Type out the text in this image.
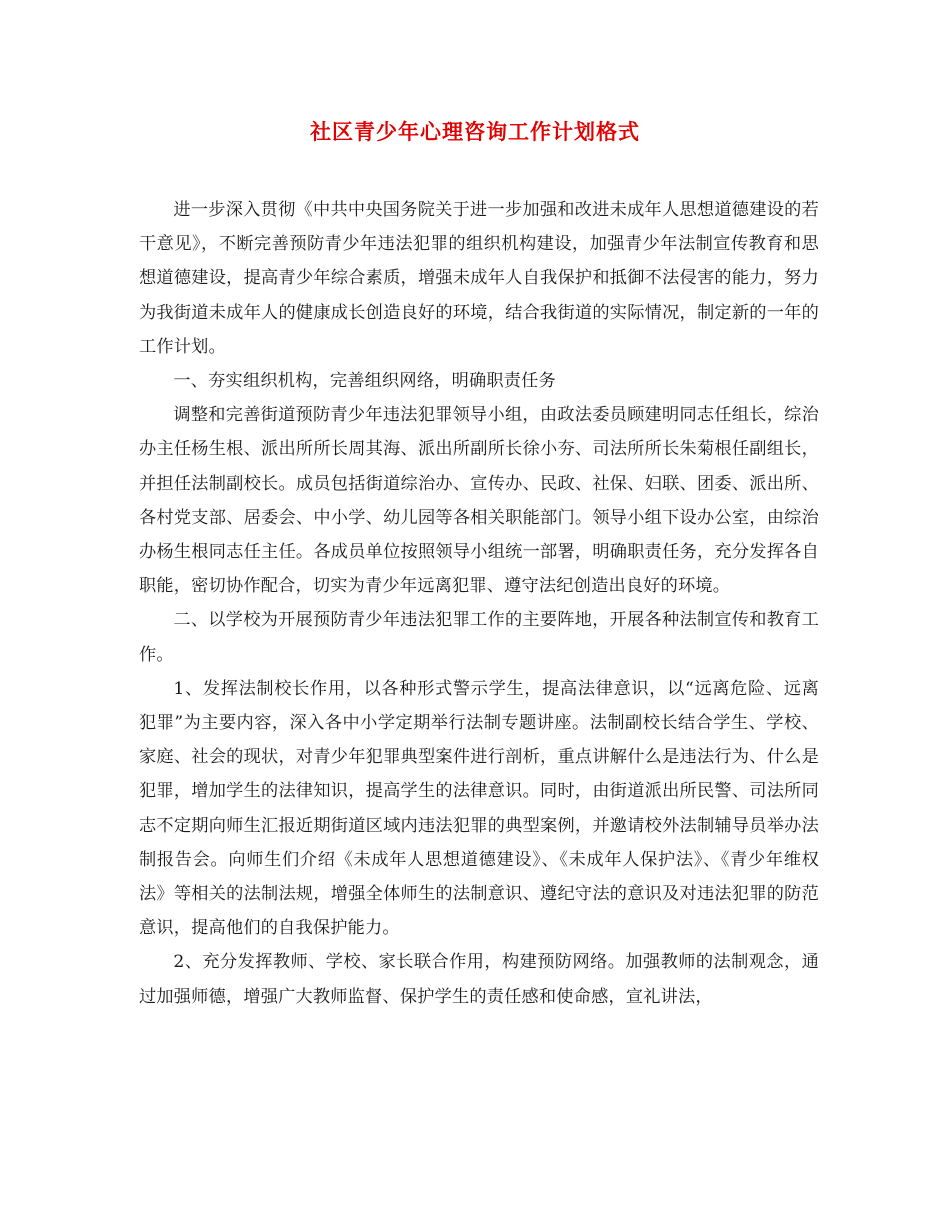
社区青少年心理咨询工作计划格式

进一步深入贯彻《中共中央国务院关于进一步加强和改进未成年人思想道德建设的若干意见》，不断完善预防青少年违法犯罪的组织机构建设，加强青少年法制宣传教育和思想道德建设，提高青少年综合素质，增强未成年人自我保护和抵御不法侵害的能力，努力为我街道未成年人的健康成长创造良好的环境，结合我街道的实际情况，制定新的一年的工作计划。

一、夯实组织机构，完善组织网络，明确职责任务

调整和完善街道预防青少年违法犯罪领导小组，由政法委员顾建明同志任组长，综治办主任杨生根、派出所所长周其海、派出所副所长徐小夯、司法所所长朱菊根任副组长，并担任法制副校长。成员包括街道综治办、宣传办、民政、社保、妇联、团委、派出所、各村党支部、居委会、中小学、幼儿园等各相关职能部门。领导小组下设办公室，由综治办杨生根同志任主任。各成员单位按照领导小组统一部署，明确职责任务，充分发挥各自职能，密切协作配合，切实为青少年远离犯罪、遵守法纪创造出良好的环境。

二、以学校为开展预防青少年违法犯罪工作的主要阵地，开展各种法制宣传和教育工作。

1、发挥法制校长作用，以各种形式警示学生，提高法律意识，以“远离危险、远离犯罪”为主要内容，深入各中小学定期举行法制专题讲座。法制副校长结合学生、学校、家庭、社会的现状，对青少年犯罪典型案件进行剖析，重点讲解什么是违法行为、什么是犯罪，增加学生的法律知识，提高学生的法律意识。同时，由街道派出所民警、司法所同志不定期向师生汇报近期街道区域内违法犯罪的典型案例，并邀请校外法制辅导员举办法制报告会。向师生们介绍《未成年人思想道德建设》、《未成年人保护法》、《青少年维权法》等相关的法制法规，增强全体师生的法制意识、遵纪守法的意识及对违法犯罪的防范意识，提高他们的自我保护能力。

2、充分发挥教师、学校、家长联合作用，构建预防网络。加强教师的法制观念，通过加强师德，增强广大教师监督、保护学生的责任感和使命感，宣礼讲法，
